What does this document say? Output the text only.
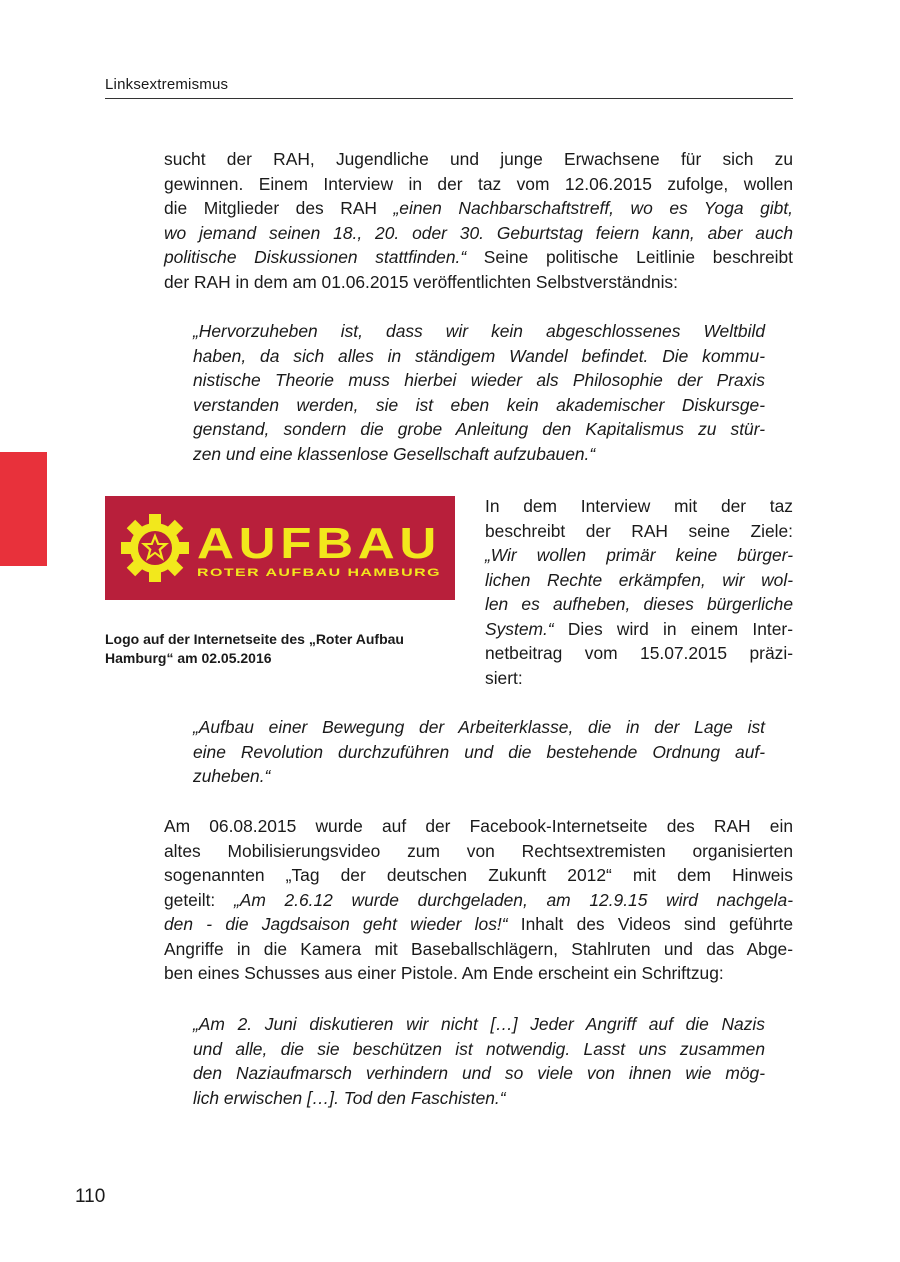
Linksextremismus
sucht der RAH, Jugendliche und junge Erwachsene für sich zu
gewinnen. Einem Interview in der taz vom 12.06.2015 zufolge, wollen
die Mitglieder des RAH „einen Nachbarschaftstreff, wo es Yoga gibt,
wo jemand seinen 18., 20. oder 30. Geburtstag feiern kann, aber auch
politische Diskussionen stattfinden.“ Seine politische Leitlinie beschreibt
der RAH in dem am 01.06.2015 veröffentlichten Selbstverständnis:
„Hervorzuheben ist, dass wir kein abgeschlossenes Weltbild
haben, da sich alles in ständigem Wandel befindet. Die kommu-
nistische Theorie muss hierbei wieder als Philosophie der Praxis
verstanden werden, sie ist eben kein akademischer Diskursge-
genstand, sondern die grobe Anleitung den Kapitalismus zu stür-
zen und eine klassenlose Gesellschaft aufzubauen.“
AUFBAU
ROTER AUFBAU HAMBURG
Logo auf der Internetseite des „Roter Aufbau
Hamburg“ am 02.05.2016
In dem Interview mit der taz
beschreibt der RAH seine Ziele:
„Wir wollen primär keine bürger-
lichen Rechte erkämpfen, wir wol-
len es aufheben, dieses bürgerliche
System.“ Dies wird in einem Inter-
netbeitrag vom 15.07.2015 präzi-
siert:
„Aufbau einer Bewegung der Arbeiterklasse, die in der Lage ist
eine Revolution durchzuführen und die bestehende Ordnung auf-
zuheben.“
Am 06.08.2015 wurde auf der Facebook-Internetseite des RAH ein
altes Mobilisierungsvideo zum von Rechtsextremisten organisierten
sogenannten „Tag der deutschen Zukunft 2012“ mit dem Hinweis
geteilt: „Am 2.6.12 wurde durchgeladen, am 12.9.15 wird nachgela-
den - die Jagdsaison geht wieder los!“ Inhalt des Videos sind geführte
Angriffe in die Kamera mit Baseballschlägern, Stahlruten und das Abge-
ben eines Schusses aus einer Pistole. Am Ende erscheint ein Schriftzug:
„Am 2. Juni diskutieren wir nicht […] Jeder Angriff auf die Nazis
und alle, die sie beschützen ist notwendig. Lasst uns zusammen
den Naziaufmarsch verhindern und so viele von ihnen wie mög-
lich erwischen […]. Tod den Faschisten.“
110
